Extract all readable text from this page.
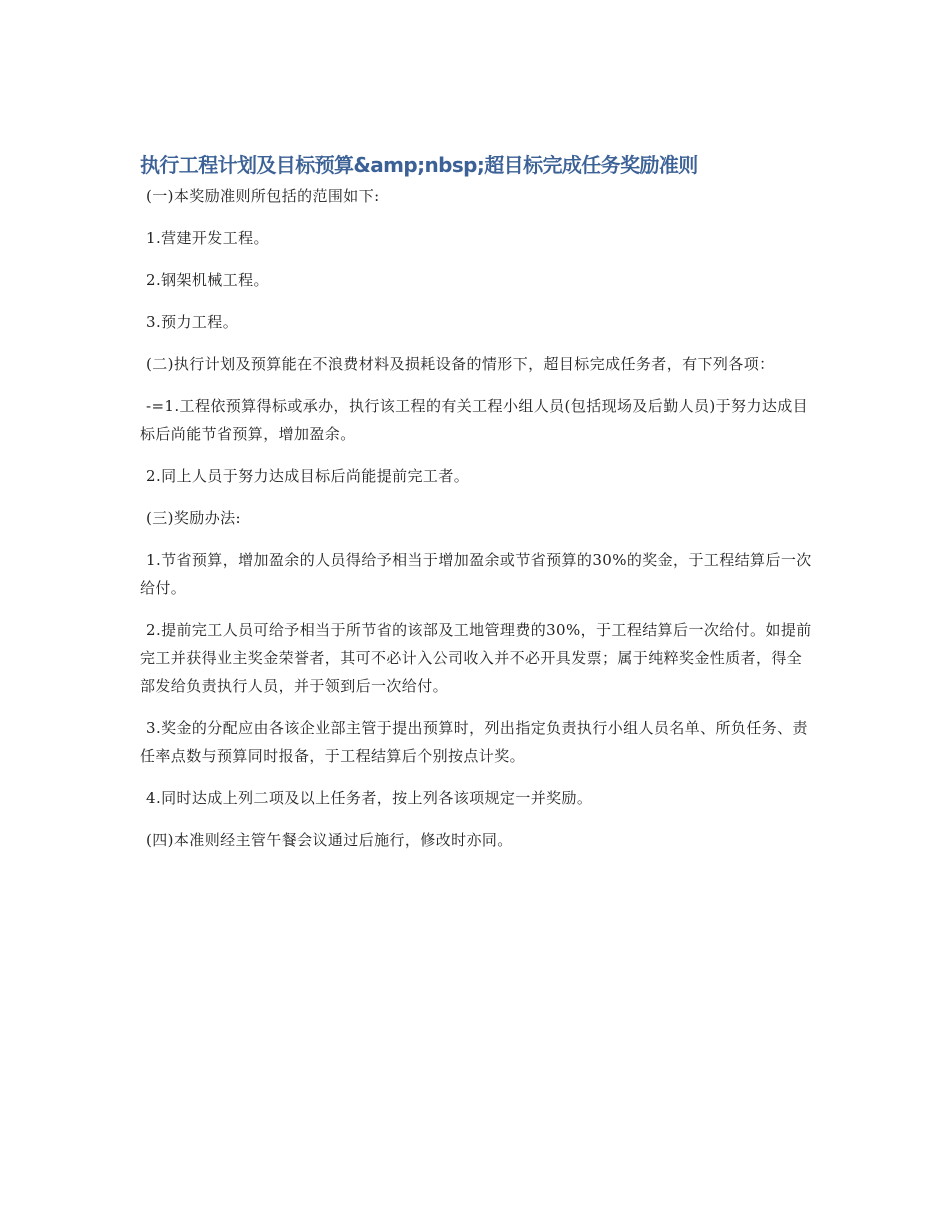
执行工程计划及目标预算&amp;nbsp;超目标完成任务奖励准则

(一)本奖励准则所包括的范围如下:

1.营建开发工程。

2.钢架机械工程。

3.预力工程。

(二)执行计划及预算能在不浪费材料及损耗设备的情形下，超目标完成任务者，有下列各项：

-=1.工程依预算得标或承办，执行该工程的有关工程小组人员(包括现场及后勤人员)于努力达成目标后尚能节省预算，增加盈余。

2.同上人员于努力达成目标后尚能提前完工者。

(三)奖励办法:

1.节省预算，增加盈余的人员得给予相当于增加盈余或节省预算的30%的奖金，于工程结算后一次给付。

2.提前完工人员可给予相当于所节省的该部及工地管理费的30%，于工程结算后一次给付。如提前完工并获得业主奖金荣誉者，其可不必计入公司收入并不必开具发票；属于纯粹奖金性质者，得全部发给负责执行人员，并于领到后一次给付。

3.奖金的分配应由各该企业部主管于提出预算时，列出指定负责执行小组人员名单、所负任务、责任率点数与预算同时报备，于工程结算后个别按点计奖。

4.同时达成上列二项及以上任务者，按上列各该项规定一并奖励。

(四)本准则经主管午餐会议通过后施行，修改时亦同。
